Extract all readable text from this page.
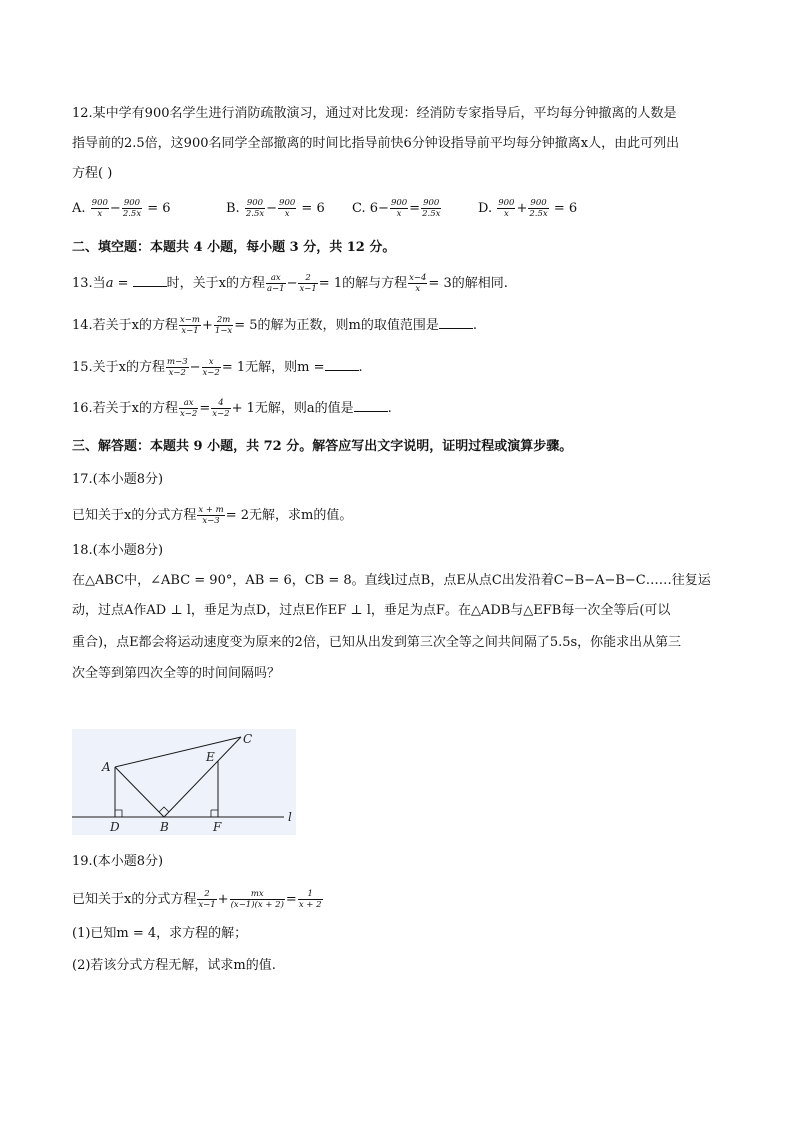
12.某中学有900名学生进行消防疏散演习，通过对比发现：经消防专家指导后，平均每分钟撤离的人数是
指导前的2.5倍，这900名同学全部撤离的时间比指导前快6分钟设指导前平均每分钟撤离x人，由此可列出
方程( )
A. $\frac{900}{x} - \frac{900}{2.5x} = 6$	B. $\frac{900}{2.5x} - \frac{900}{x} = 6$ C. $6- \frac{900}{x} = \frac{900}{2.5x}$	D. $\frac{900}{x} + \frac{900}{2.5x} = 6$
二、填空题：本题共 4 小题，每小题 3 分，共 12 分。
13.当a =	时，关于x的方程 $\frac{ax}{a-1} - \frac{2}{x-1} = 1$的解与方程 $\frac{x-4}{x} = 3$的解相同.
14.若关于x的方程 $\frac{x-m}{x-1} + \frac{2m}{1-x} = 5$的解为正数，则m的取值范围是	.
15.关于x的方程 $\frac{m-3}{x-2} - \frac{x}{x-2} = 1$无解，则m =	.
16.若关于x的方程 $\frac{ax}{x-2} = \frac{4}{x-2} + 1$无解，则a的值是	.
三、解答题：本题共 9 小题，共 72 分。解答应写出文字说明，证明过程或演算步骤。
17.(本小题8分)
已知关于x的分式方程 $\frac{x + m}{x-3} = 2$无解，求m的值。
18.(本小题8分)
在△ABC中，∠ABC = 90°，AB = 6，CB = 8。直线l过点B，点E从点C出发沿着C−B−A−B−C……往复运
动，过点A作AD ⊥ l，垂足为点D，过点E作EF ⊥ l，垂足为点F。在△ADB与△EFB每一次全等后(可以
重合)，点E都会将运动速度变为原来的2倍，已知从出发到第三次全等之间共间隔了5.5s，你能求出从第三
次全等到第四次全等的时间间隔吗？
A
B
C
D
E
F
l
19.(本小题8分)
已知关于x的分式方程 $\frac{2}{x-1} + \frac{mx}{(x-1)(x + 2)} = \frac{1}{x + 2}$
(1)已知m = 4，求方程的解；
(2)若该分式方程无解，试求m的值.
